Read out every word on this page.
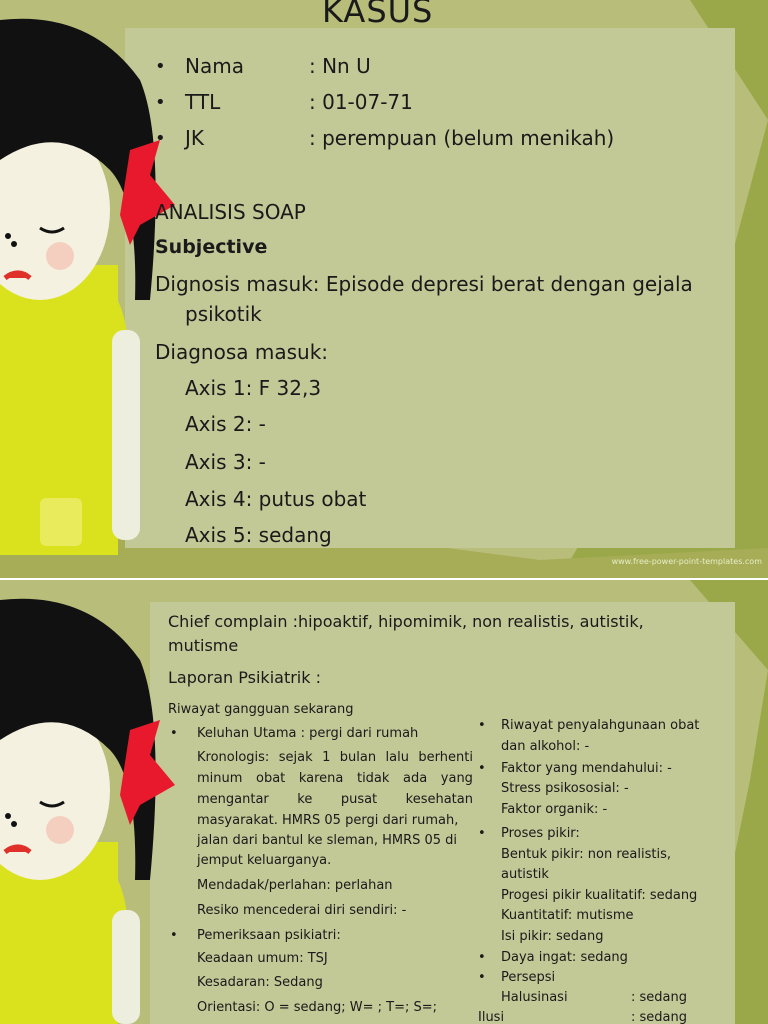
KASUS
• Nama	: Nn U
• TTL	: 01-07-71
• JK	: perempuan (belum menikah)
ANALISIS SOAP
Subjective
Dignosis masuk: Episode depresi berat dengan gejala
psikotik
Diagnosa masuk:
Axis 1: F 32,3
Axis 2: -
Axis 3: -
Axis 4: putus obat
Axis 5: sedang
www.free-power-point-templates.com
Chief complain :hipoaktif, hipomimik, non realistis, autistik,
mutisme
Laporan Psikiatrik :
Riwayat gangguan sekarang
• Keluhan Utama : pergi dari rumah
Kronologis: sejak 1 bulan lalu berhenti
minum obat karena tidak ada yang
mengantar ke pusat kesehatan
masyarakat. HMRS 05 pergi dari rumah,
jalan dari bantul ke sleman, HMRS 05 di
jemput keluarganya.
Mendadak/perlahan: perlahan
Resiko mencederai diri sendiri: -
• Pemeriksaan psikiatri:
Keadaan umum: TSJ
Kesadaran: Sedang
Orientasi: O = sedang; W= ; T=; S=;
• Riwayat penyalahgunaan obat
dan alkohol: -
• Faktor yang mendahului: -
Stress psikososial: -
Faktor organik: -
• Proses pikir:
Bentuk pikir: non realistis,
autistik
Progesi pikir kualitatif: sedang
Kuantitatif: mutisme
Isi pikir: sedang
• Daya ingat: sedang
• Persepsi
Halusinasi	: sedang
Ilusi	: sedang
